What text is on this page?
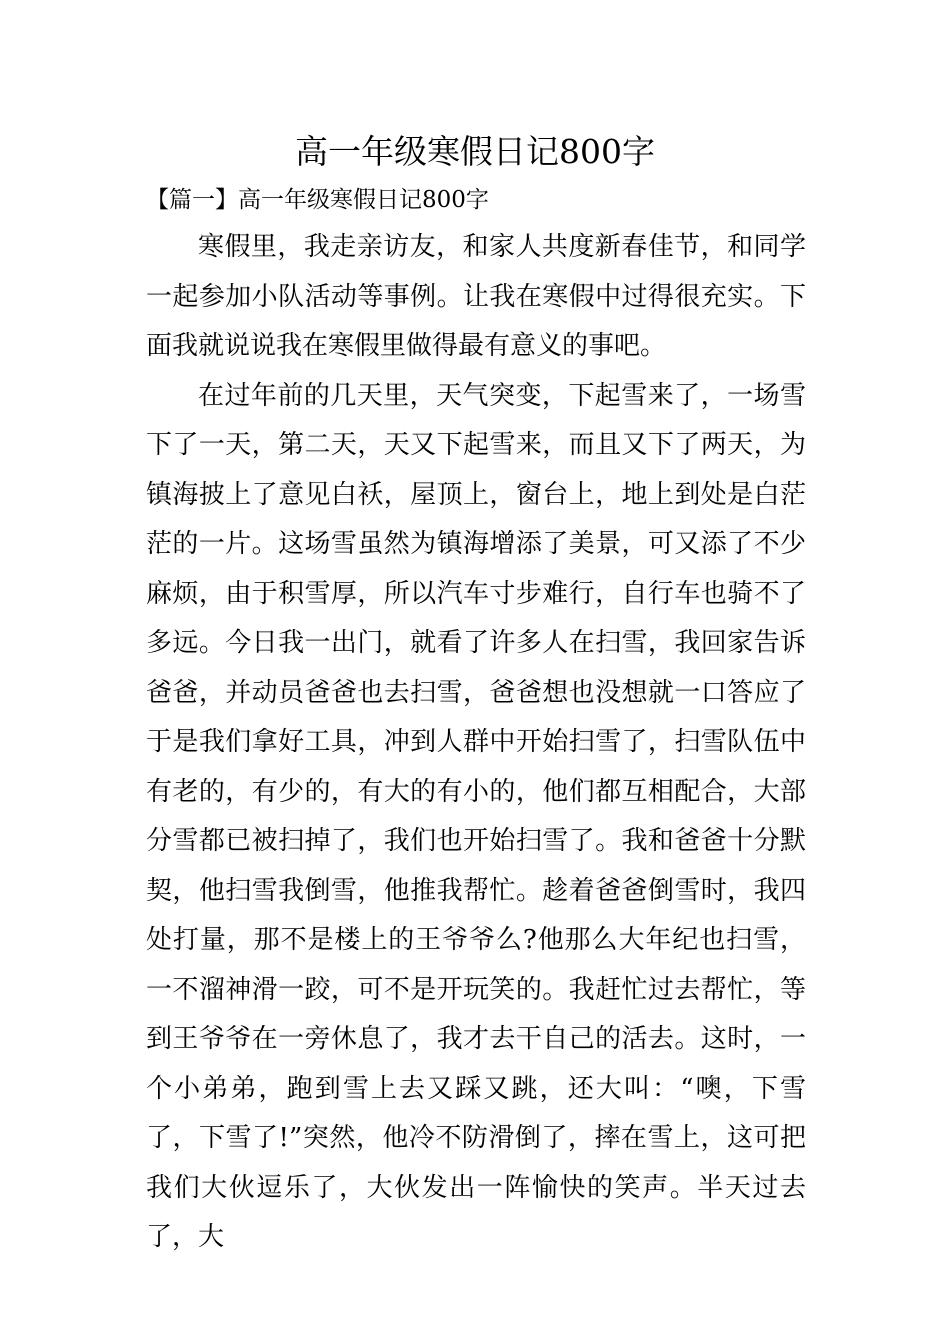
高一年级寒假日记800字
【篇一】高一年级寒假日记800字

寒假里，我走亲访友，和家人共度新春佳节，和同学一起参加小队活动等事例。让我在寒假中过得很充实。下面我就说说我在寒假里做得最有意义的事吧。

在过年前的几天里，天气突变，下起雪来了，一场雪下了一天，第二天，天又下起雪来，而且又下了两天，为镇海披上了意见白袄，屋顶上，窗台上，地上到处是白茫茫的一片。这场雪虽然为镇海增添了美景，可又添了不少麻烦，由于积雪厚，所以汽车寸步难行，自行车也骑不了多远。今日我一出门，就看了许多人在扫雪，我回家告诉爸爸，并动员爸爸也去扫雪，爸爸想也没想就一口答应了于是我们拿好工具，冲到人群中开始扫雪了，扫雪队伍中有老的，有少的，有大的有小的，他们都互相配合，大部分雪都已被扫掉了，我们也开始扫雪了。我和爸爸十分默契，他扫雪我倒雪，他推我帮忙。趁着爸爸倒雪时，我四处打量，那不是楼上的王爷爷么?他那么大年纪也扫雪，一不溜神滑一跤，可不是开玩笑的。我赶忙过去帮忙，等到王爷爷在一旁休息了，我才去干自己的活去。这时，一个小弟弟，跑到雪上去又踩又跳，还大叫：“噢，下雪了，下雪了!”突然，他冷不防滑倒了，摔在雪上，这可把我们大伙逗乐了，大伙发出一阵愉快的笑声。半天过去了，大
